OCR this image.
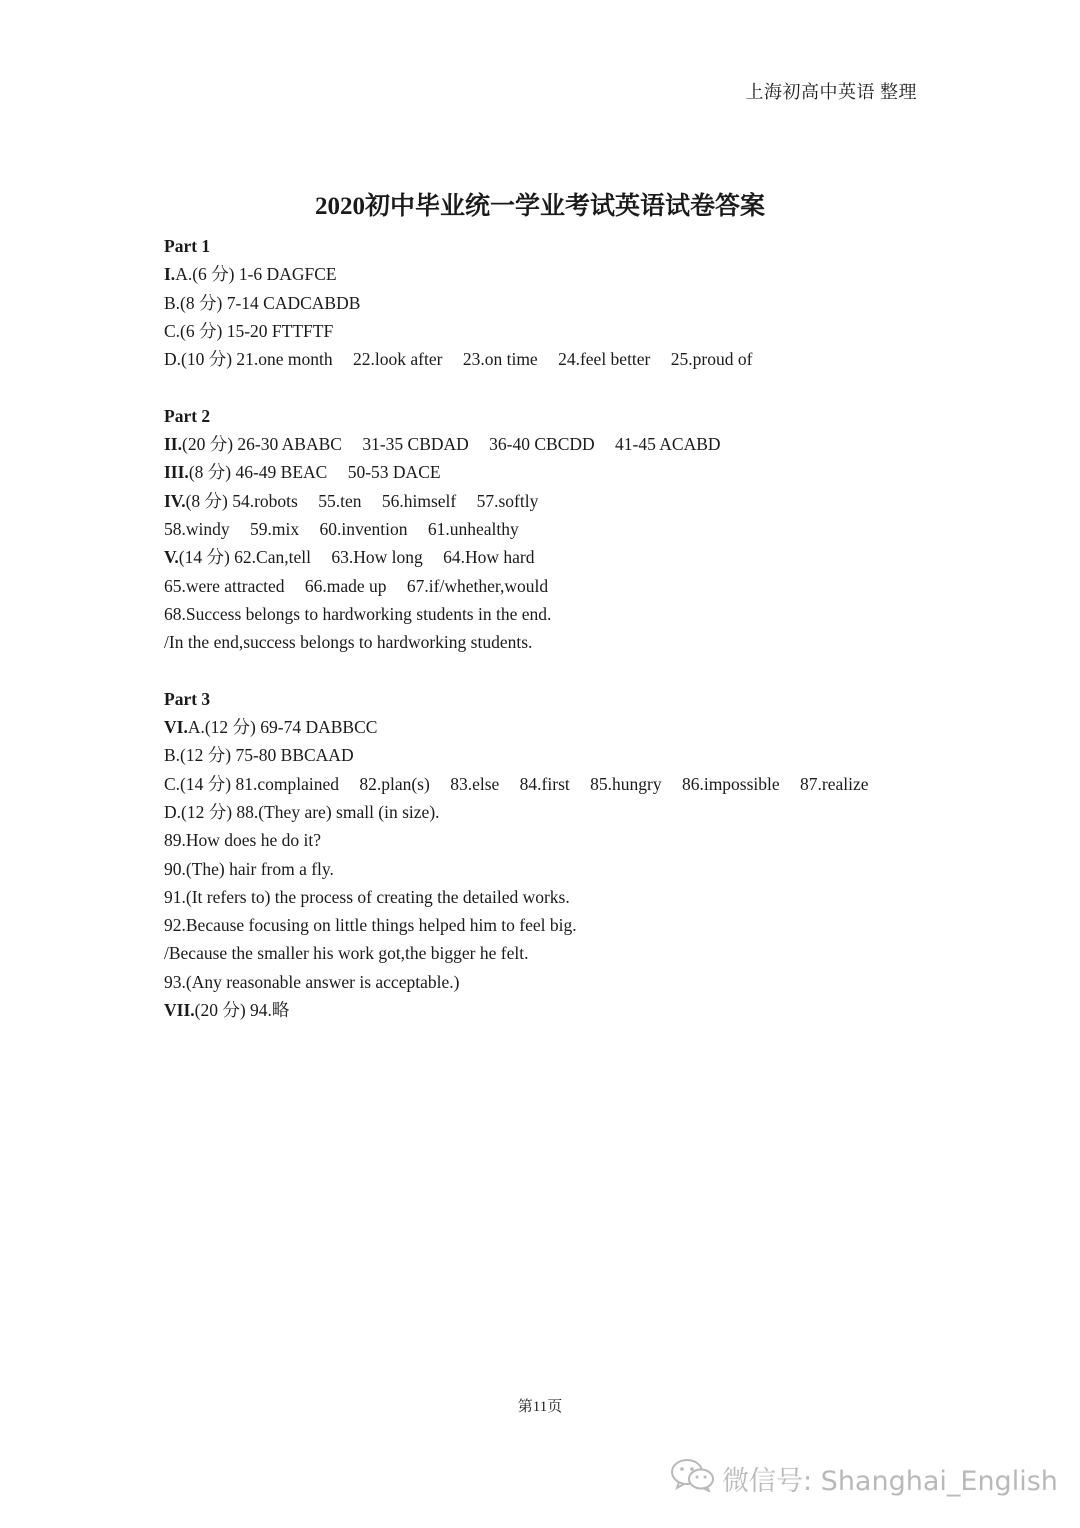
上海初高中英语 整理
2020初中毕业统一学业考试英语试卷答案
Part 1
I.A.(6 分) 1-6 DAGFCE
B.(8 分) 7-14 CADCABDB
C.(6 分) 15-20 FTTFTF
D.(10 分) 21.one month 22.look after 23.on time 24.feel better 25.proud of
Part 2
II.(20 分) 26-30 ABABC 31-35 CBDAD 36-40 CBCDD 41-45 ACABD
III.(8 分) 46-49 BEAC 50-53 DACE
IV.(8 分) 54.robots 55.ten 56.himself 57.softly
58.windy 59.mix 60.invention 61.unhealthy
V.(14 分) 62.Can,tell 63.How long 64.How hard
65.were attracted 66.made up 67.if/whether,would
68.Success belongs to hardworking students in the end.
/In the end,success belongs to hardworking students.
Part 3
VI.A.(12 分) 69-74 DABBCC
B.(12 分) 75-80 BBCAAD
C.(14 分) 81.complained 82.plan(s) 83.else 84.first 85.hungry 86.impossible 87.realize
D.(12 分) 88.(They are) small (in size).
89.How does he do it?
90.(The) hair from a fly.
91.(It refers to) the process of creating the detailed works.
92.Because focusing on little things helped him to feel big.
/Because the smaller his work got,the bigger he felt.
93.(Any reasonable answer is acceptable.)
VII.(20 分) 94.略
第11页
微信号: Shanghai_English
